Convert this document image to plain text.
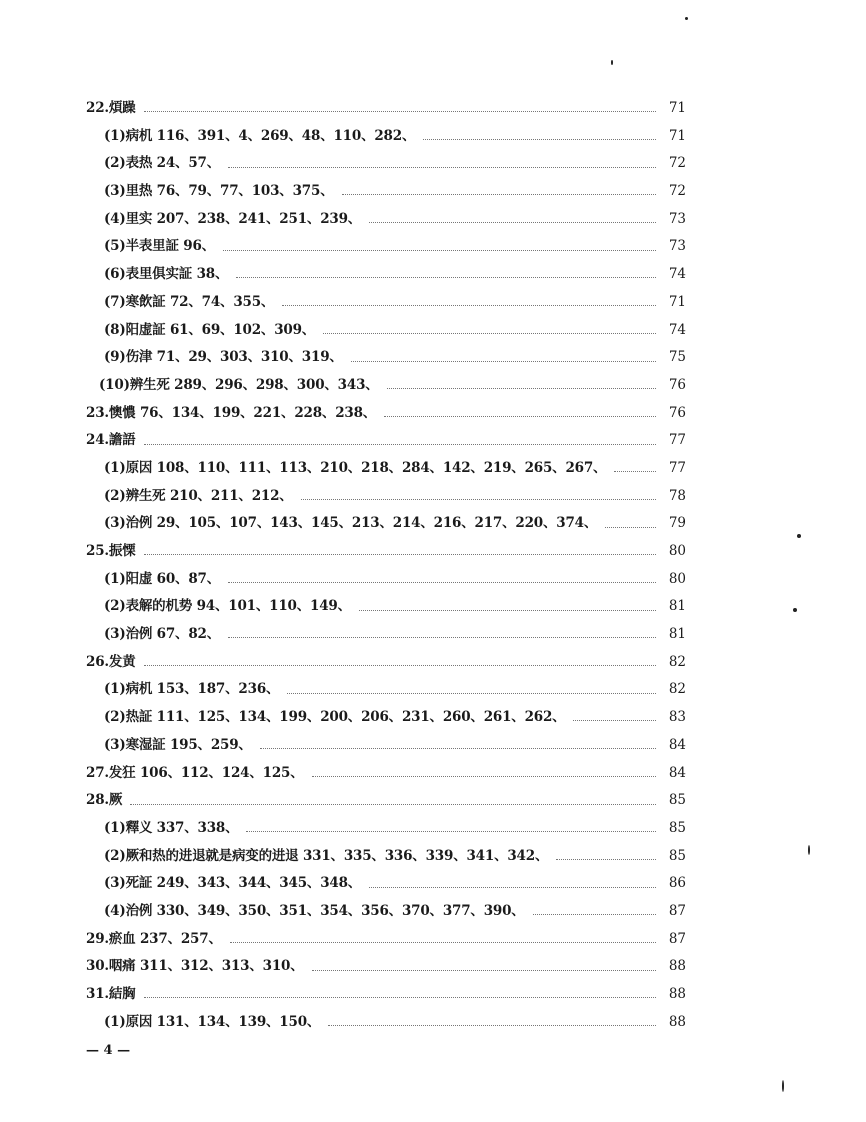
22.煩躁	71
(1)病机 116、391、4、269、48、110、282、	71
(2)表热 24、57、	72
(3)里热 76、79、77、103、375、	72
(4)里实 207、238、241、251、239、	73
(5)半表里証 96、	73
(6)表里俱实証 38、	74
(7)寒飲証 72、74、355、	71
(8)阳虚証 61、69、102、309、	74
(9)伤津 71、29、303、310、319、	75
(10)辨生死 289、296、298、300、343、	76
23.懊憹 76、134、199、221、228、238、	76
24.譫語	77
(1)原因 108、110、111、113、210、218、284、142、219、265、267、	77
(2)辨生死 210、211、212、	78
(3)治例 29、105、107、143、145、213、214、216、217、220、374、	79
25.振慄	80
(1)阳虚 60、87、	80
(2)表解的机势 94、101、110、149、	81
(3)治例 67、82、	81
26.发黄	82
(1)病机 153、187、236、	82
(2)热証 111、125、134、199、200、206、231、260、261、262、	83
(3)寒湿証 195、259、	84
27.发狂 106、112、124、125、	84
28.厥	85
(1)釋义 337、338、	85
(2)厥和热的进退就是病变的进退 331、335、336、339、341、342、	85
(3)死証 249、343、344、345、348、	86
(4)治例 330、349、350、351、354、356、370、377、390、	87
29.瘀血 237、257、	87
30.咽痛 311、312、313、310、	88
31.結胸	88
(1)原因 131、134、139、150、	88
— 4 —
